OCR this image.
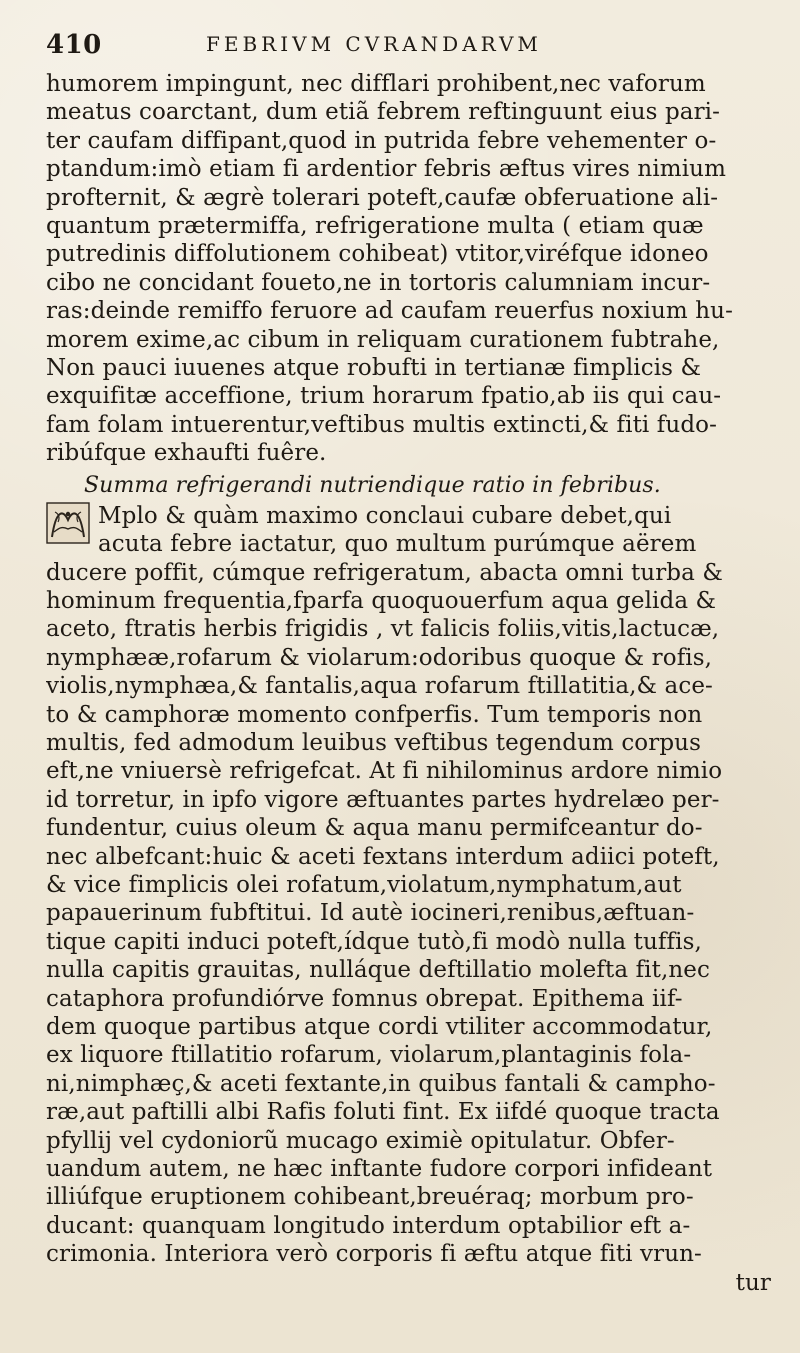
410	FEBRIVM CVRANDARVM
humorem impingunt, nec difflari prohibent,nec vaforum
meatus coarctant, dum etiã febrem reftinguunt eius pari-
ter caufam diffipant,quod in putrida febre vehementer o-
ptandum:imò etiam fi ardentior febris æftus vires nimium
profternit, & ægrè tolerari poteft,caufæ obferuatione ali-
quantum prætermiffa, refrigeratione multa ( etiam quæ
putredinis diffolutionem cohibeat) vtitor,viréfque idoneo
cibo ne concidant foueto,ne in tortoris calumniam incur-
ras:deinde remiffo feruore ad caufam reuerfus noxium hu-
morem exime,ac cibum in reliquam curationem fubtrahe,
Non pauci iuuenes atque robufti in tertianæ fimplicis &
exquifitæ acceffione, trium horarum fpatio,ab iis qui cau-
fam folam intuerentur,veftibus multis extincti,& fiti fudo-
ribúfque exhaufti fuêre.
Summa refrigerandi nutriendique ratio in febribus.
Mplo & quàm maximo conclaui cubare debet,qui
acuta febre iactatur, quo multum purúmque aërem
ducere poffit, cúmque refrigeratum, abacta omni turba &
hominum frequentia,fparfa quoquouerfum aqua gelida &
aceto, ftratis herbis frigidis , vt falicis foliis,vitis,lactucæ,
nymphææ,rofarum & violarum:odoribus quoque & rofis,
violis,nymphæa,& fantalis,aqua rofarum ftillatitia,& ace-
to & camphoræ momento confperfis. Tum temporis non
multis, fed admodum leuibus veftibus tegendum corpus
eft,ne vniuersè refrigefcat. At fi nihilominus ardore nimio
id torretur, in ipfo vigore æftuantes partes hydrelæo per-
fundentur, cuius oleum & aqua manu permifceantur do-
nec albefcant:huic & aceti fextans interdum adiici poteft,
& vice fimplicis olei rofatum,violatum,nymphatum,aut
papauerinum fubftitui. Id autè iocineri,renibus,æftuan-
tique capiti induci poteft,ídque tutò,fi modò nulla tuffis,
nulla capitis grauitas, nulláque deftillatio molefta fit,nec
cataphora profundiórve fomnus obrepat. Epithema iif-
dem quoque partibus atque cordi vtiliter accommodatur,
ex liquore ftillatitio rofarum, violarum,plantaginis fola-
ni,nimphæç,& aceti fextante,in quibus fantali & campho-
ræ,aut paftilli albi Rafis foluti fint. Ex iifdé quoque tracta
pfyllij vel cydoniorũ mucago eximiè opitulatur. Obfer-
uandum autem, ne hæc inftante fudore corpori infideant
illiúfque eruptionem cohibeant,breuéraq; morbum pro-
ducant: quanquam longitudo interdum optabilior eft a-
crimonia. Interiora verò corporis fi æftu atque fiti vrun-
tur
